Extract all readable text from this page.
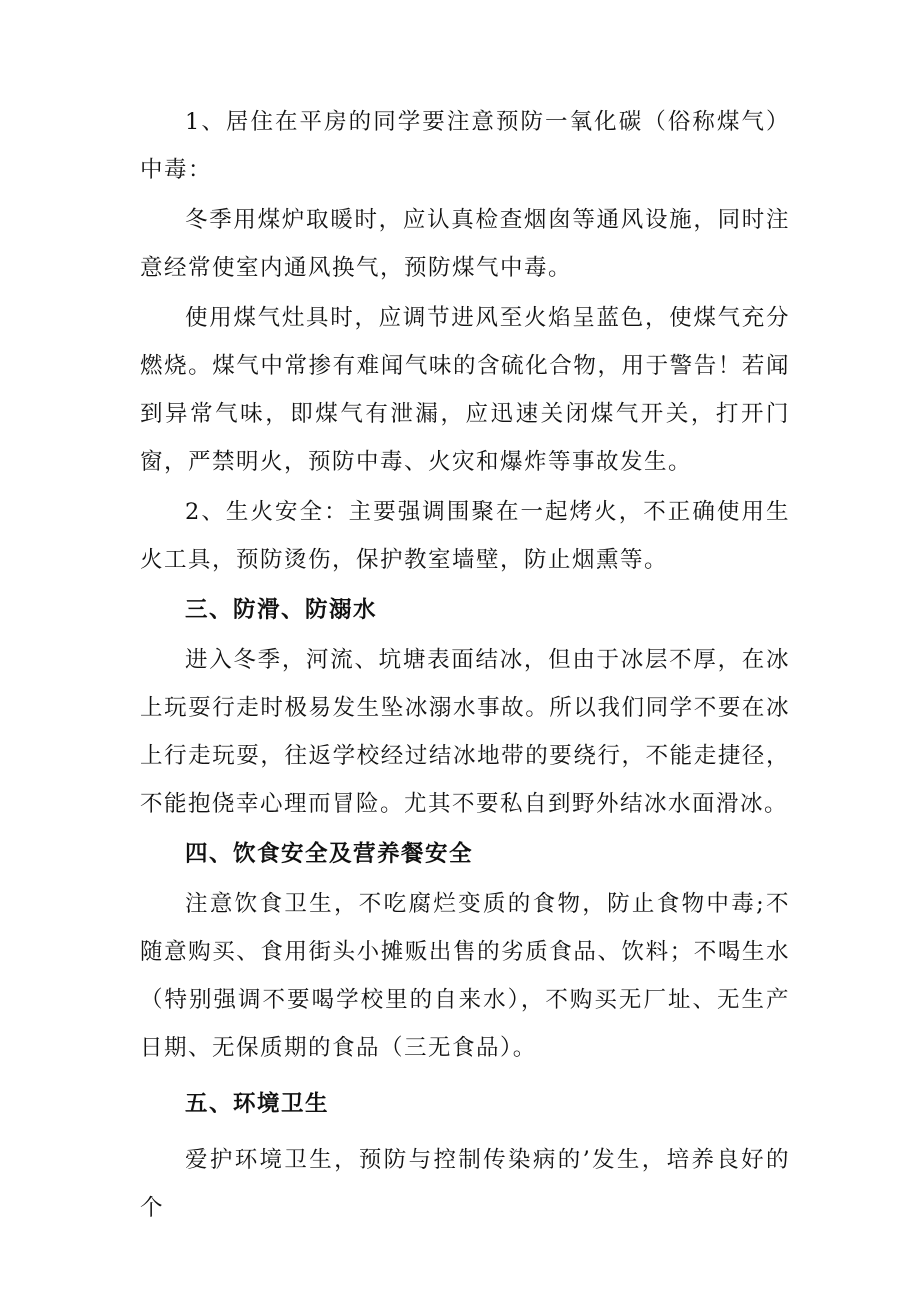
1、居住在平房的同学要注意预防一氧化碳（俗称煤气）中毒：

冬季用煤炉取暖时，应认真检查烟囱等通风设施，同时注意经常使室内通风换气，预防煤气中毒。

使用煤气灶具时，应调节进风至火焰呈蓝色，使煤气充分燃烧。煤气中常掺有难闻气味的含硫化合物，用于警告！若闻到异常气味，即煤气有泄漏，应迅速关闭煤气开关，打开门窗，严禁明火，预防中毒、火灾和爆炸等事故发生。

2、生火安全：主要强调围聚在一起烤火，不正确使用生火工具，预防烫伤，保护教室墙壁，防止烟熏等。

三、防滑、防溺水

进入冬季，河流、坑塘表面结冰，但由于冰层不厚，在冰上玩耍行走时极易发生坠冰溺水事故。所以我们同学不要在冰上行走玩耍，往返学校经过结冰地带的要绕行，不能走捷径，不能抱侥幸心理而冒险。尤其不要私自到野外结冰水面滑冰。

四、饮食安全及营养餐安全

注意饮食卫生，不吃腐烂变质的食物，防止食物中毒;不随意购买、食用街头小摊贩出售的劣质食品、饮料；不喝生水（特别强调不要喝学校里的自来水），不购买无厂址、无生产日期、无保质期的食品（三无食品）。

五、环境卫生

爱护环境卫生，预防与控制传染病的’发生，培养良好的个
